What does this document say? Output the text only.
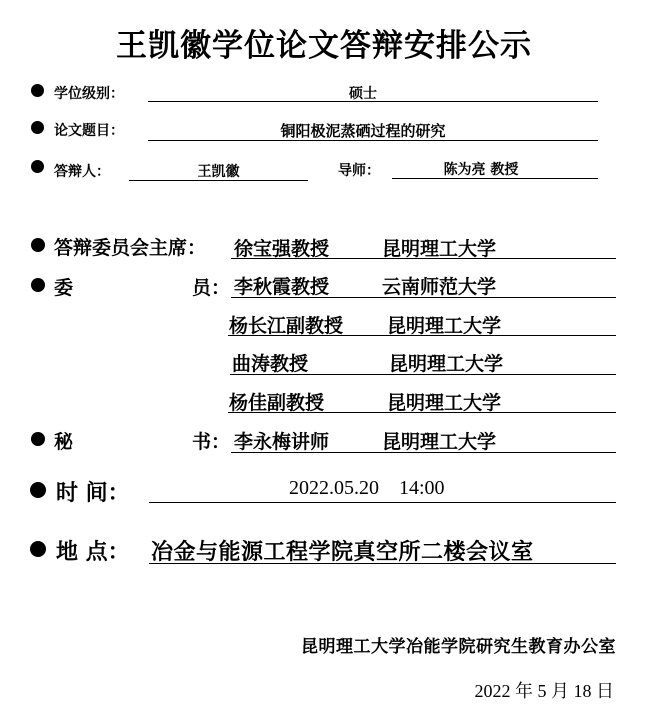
王凯徽学位论文答辩安排公示
学位级别：	硕士
论文题目：	铜阳极泥蒸硒过程的研究
答辩人：	王凯徽	导师：	陈为亮 教授
答辩委员会主席： 徐宝强教授	昆明理工大学
委	员： 李秋霞教授	云南师范大学
杨长江副教授 昆明理工大学
曲涛教授	昆明理工大学
杨佳副教授	昆明理工大学
秘	书： 李永梅讲师	昆明理工大学
时 间：	2022.05.20    14:00
地 点： 冶金与能源工程学院真空所二楼会议室
昆明理工大学冶能学院研究生教育办公室
2022 年 5 月 18 日
